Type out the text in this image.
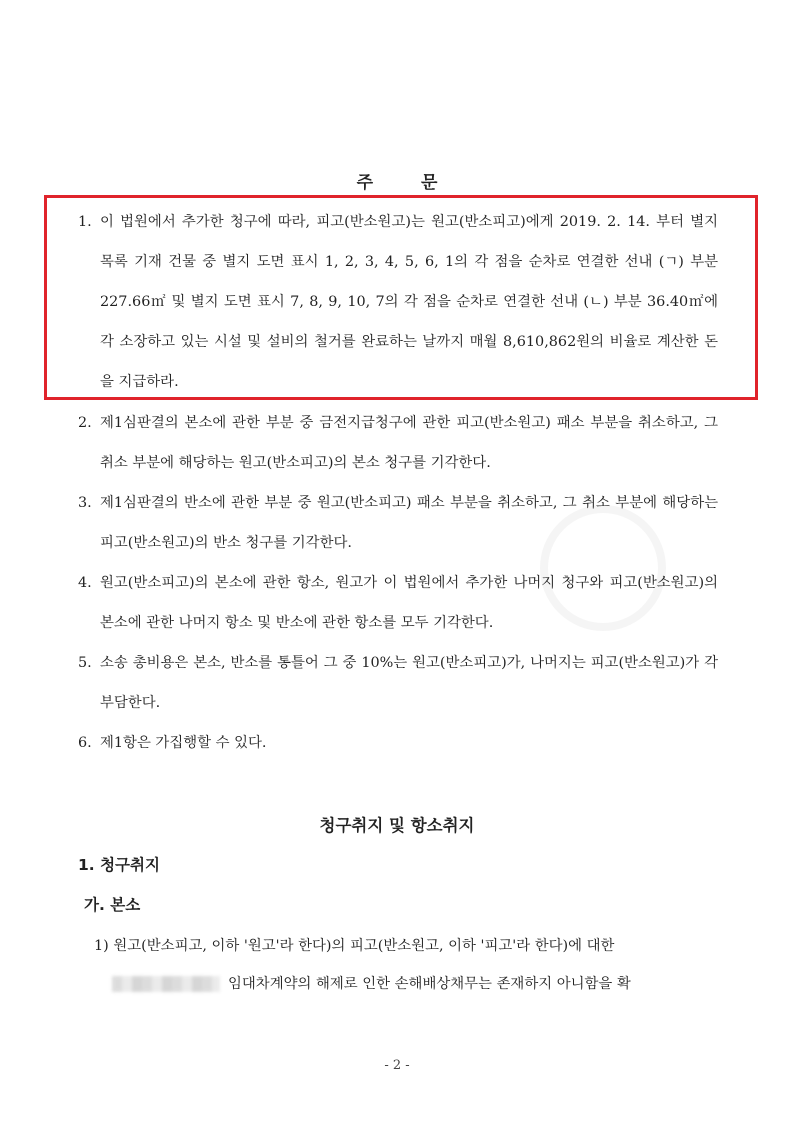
주	문
1. 이 법원에서 추가한 청구에 따라, 피고(반소원고)는 원고(반소피고)에게 2019. 2. 14. 부터 별지 목록 기재 건물 중 별지 도면 표시 1, 2, 3, 4, 5, 6, 1의 각 점을 순차로 연결한 선내 (ㄱ) 부분 227.66㎡ 및 별지 도면 표시 7, 8, 9, 10, 7의 각 점을 순차로 연결한 선내 (ㄴ) 부분 36.40㎡에 각 소장하고 있는 시설 및 설비의 철거를 완료하는 날까지 매월 8,610,862원의 비율로 계산한 돈을 지급하라.
2. 제1심판결의 본소에 관한 부분 중 금전지급청구에 관한 피고(반소원고) 패소 부분을 취소하고, 그 취소 부분에 해당하는 원고(반소피고)의 본소 청구를 기각한다.
3. 제1심판결의 반소에 관한 부분 중 원고(반소피고) 패소 부분을 취소하고, 그 취소 부분에 해당하는 피고(반소원고)의 반소 청구를 기각한다.
4. 원고(반소피고)의 본소에 관한 항소, 원고가 이 법원에서 추가한 나머지 청구와 피고(반소원고)의 본소에 관한 나머지 항소 및 반소에 관한 항소를 모두 기각한다.
5. 소송 총비용은 본소, 반소를 통틀어 그 중 10%는 원고(반소피고)가, 나머지는 피고(반소원고)가 각 부담한다.
6. 제1항은 가집행할 수 있다.
청구취지 및 항소취지
1. 청구취지
가. 본소
1) 원고(반소피고, 이하 '원고'라 한다)의 피고(반소원고, 이하 '피고'라 한다)에 대한
임대차계약의 해제로 인한 손해배상채무는 존재하지 아니함을 확
- 2 -
